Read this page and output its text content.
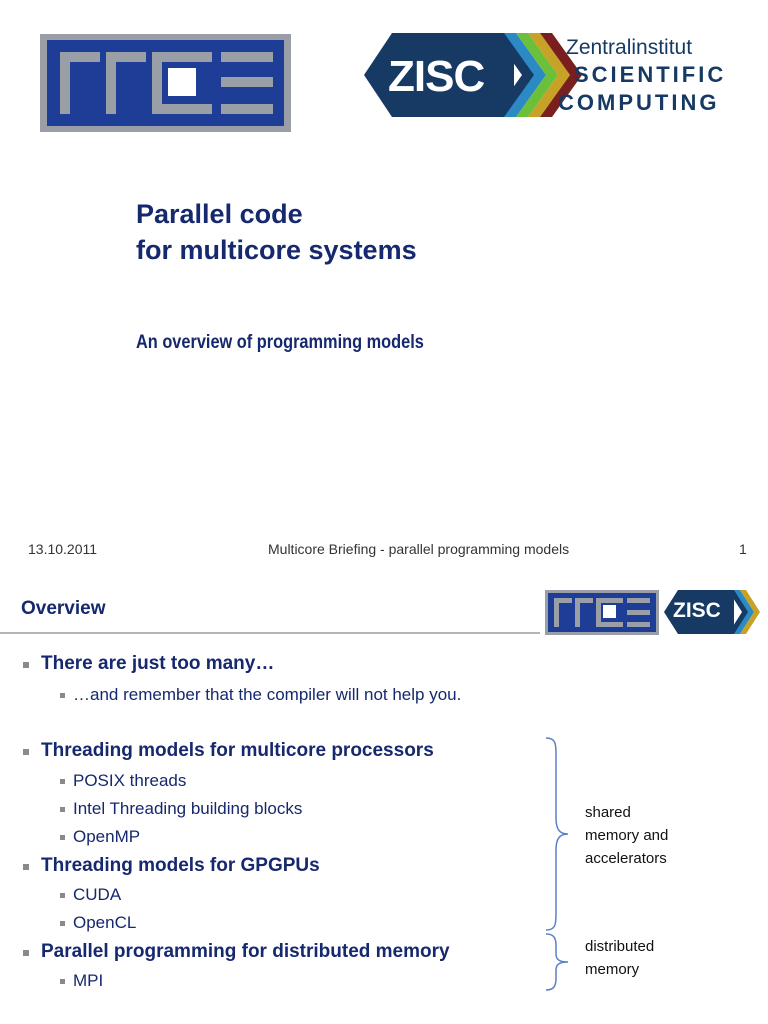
ZISC
Zentralinstitut
SCIENTIFIC
COMPUTING
Parallel code
for multicore systems
An overview of programming models
13.10.2011	Multicore Briefing - parallel programming models	1
Overview	ZISC
There are just too many…
…and remember that the compiler will not help you.
Threading models for multicore processors
POSIX threads
Intel Threading building blocks
OpenMP
Threading models for GPGPUs
CUDA
OpenCL
Parallel programming for distributed memory
MPI
shared
memory and
accelerators
distributed
memory
